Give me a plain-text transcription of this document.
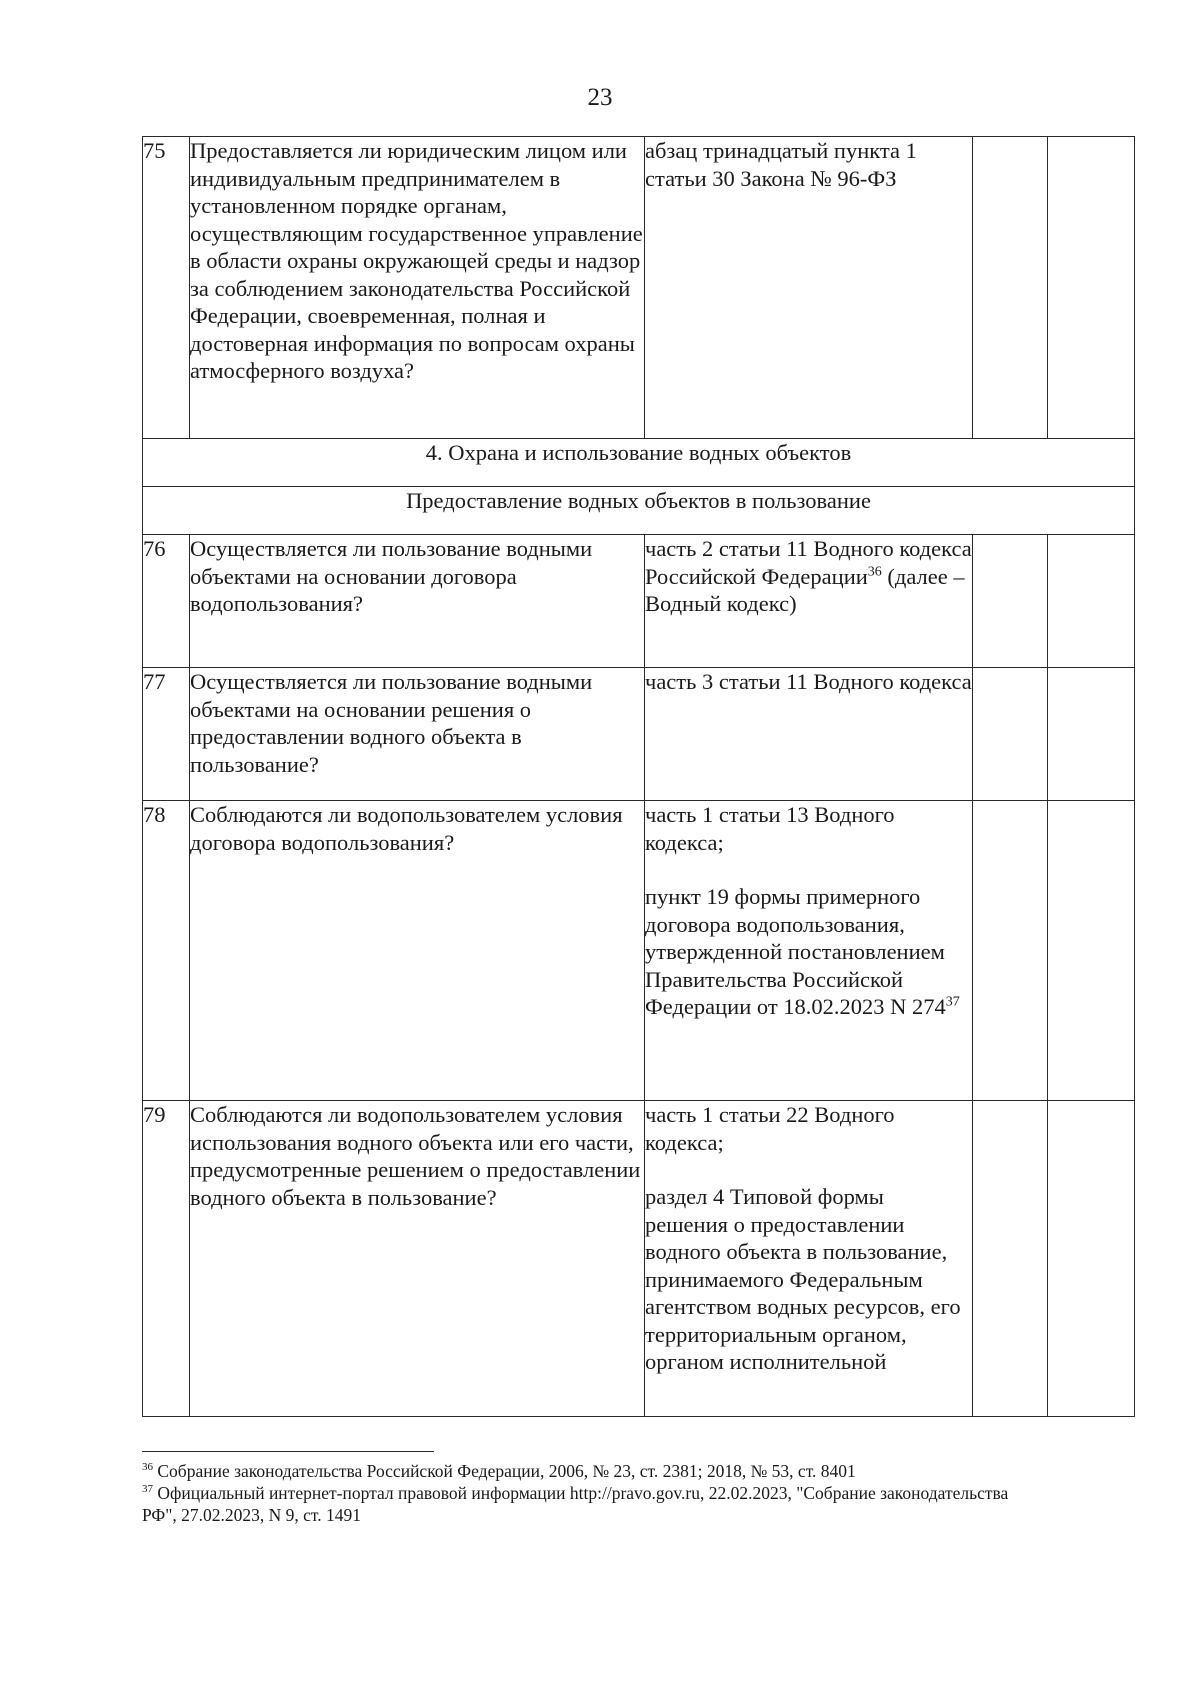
23
75	Предоставляется ли юридическим лицом или индивидуальным предпринимателем в установленном порядке органам, осуществляющим государственное управление в области охраны окружающей среды и надзор за соблюдением законодательства Российской Федерации, своевременная, полная и достоверная информация по вопросам охраны атмосферного воздуха?	абзац тринадцатый пункта 1 статьи 30 Закона № 96-ФЗ		
4. Охрана и использование водных объектов				
Предоставление водных объектов в пользование				
76	Осуществляется ли пользование водными объектами на основании договора водопользования?	часть 2 статьи 11 Водного кодекса Российской Федерации$^{36}$ (далее – Водный кодекс)		
77	Осуществляется ли пользование водными объектами на основании решения о предоставлении водного объекта в пользование?	часть 3 статьи 11 Водного кодекса		
78	Соблюдаются ли водопользователем условия договора водопользования?	часть 1 статьи 13 Водного кодекса;
пункт 19 формы примерного договора водопользования, утвержденной постановлением Правительства Российской Федерации от 18.02.2023 N $274^{37}$

79	Соблюдаются ли водопользователем условия использования водного объекта или его части, предусмотренные решением о предоставлении водного объекта в пользование?	часть 1 статьи 22 Водного кодекса;
раздел 4 Типовой формы решения о предоставлении водного объекта в пользование, принимаемого Федеральным агентством водных ресурсов, его территориальным органом, органом исполнительной		

$^{36}$ Собрание законодательства Российской Федерации, 2006, № 23, ст. 2381; 2018, № 53, ст. 8401
$^{37}$ Официальный интернет-портал правовой информации http://pravo.gov.ru, 22.02.2023, "Собрание законодательства РФ", 27.02.2023, N 9, ст. 1491
